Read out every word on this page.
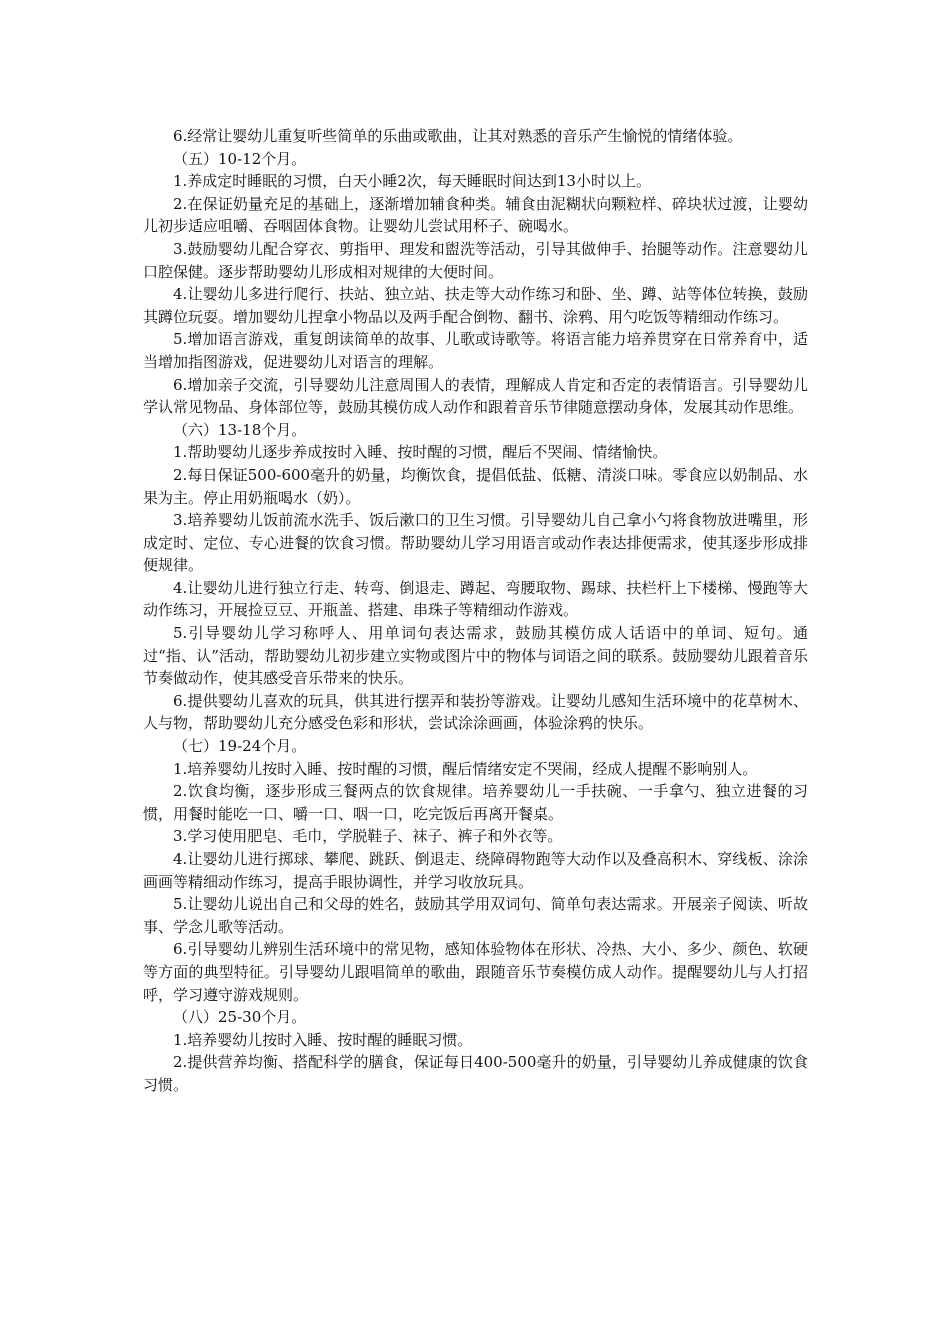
6.经常让婴幼儿重复听些简单的乐曲或歌曲，让其对熟悉的音乐产生愉悦的情绪体验。

（五）10-12个月。

1.养成定时睡眠的习惯，白天小睡2次，每天睡眠时间达到13小时以上。

2.在保证奶量充足的基础上，逐渐增加辅食种类。辅食由泥糊状向颗粒样、碎块状过渡，让婴幼儿初步适应咀嚼、吞咽固体食物。让婴幼儿尝试用杯子、碗喝水。

3.鼓励婴幼儿配合穿衣、剪指甲、理发和盥洗等活动，引导其做伸手、抬腿等动作。注意婴幼儿口腔保健。逐步帮助婴幼儿形成相对规律的大便时间。

4.让婴幼儿多进行爬行、扶站、独立站、扶走等大动作练习和卧、坐、蹲、站等体位转换，鼓励其蹲位玩耍。增加婴幼儿捏拿小物品以及两手配合倒物、翻书、涂鸦、用勺吃饭等精细动作练习。

5.增加语言游戏，重复朗读简单的故事、儿歌或诗歌等。将语言能力培养贯穿在日常养育中，适当增加指图游戏，促进婴幼儿对语言的理解。

6.增加亲子交流，引导婴幼儿注意周围人的表情，理解成人肯定和否定的表情语言。引导婴幼儿学认常见物品、身体部位等，鼓励其模仿成人动作和跟着音乐节律随意摆动身体，发展其动作思维。

（六）13-18个月。

1.帮助婴幼儿逐步养成按时入睡、按时醒的习惯，醒后不哭闹、情绪愉快。

2.每日保证500-600毫升的奶量，均衡饮食，提倡低盐、低糖、清淡口味。零食应以奶制品、水果为主。停止用奶瓶喝水（奶）。

3.培养婴幼儿饭前流水洗手、饭后漱口的卫生习惯。引导婴幼儿自己拿小勺将食物放进嘴里，形成定时、定位、专心进餐的饮食习惯。帮助婴幼儿学习用语言或动作表达排便需求，使其逐步形成排便规律。

4.让婴幼儿进行独立行走、转弯、倒退走、蹲起、弯腰取物、踢球、扶栏杆上下楼梯、慢跑等大动作练习，开展捡豆豆、开瓶盖、搭建、串珠子等精细动作游戏。

5.引导婴幼儿学习称呼人、用单词句表达需求，鼓励其模仿成人话语中的单词、短句。通过“指、认”活动，帮助婴幼儿初步建立实物或图片中的物体与词语之间的联系。鼓励婴幼儿跟着音乐节奏做动作，使其感受音乐带来的快乐。

6.提供婴幼儿喜欢的玩具，供其进行摆弄和装扮等游戏。让婴幼儿感知生活环境中的花草树木、人与物，帮助婴幼儿充分感受色彩和形状，尝试涂涂画画，体验涂鸦的快乐。

（七）19-24个月。

1.培养婴幼儿按时入睡、按时醒的习惯，醒后情绪安定不哭闹，经成人提醒不影响别人。

2.饮食均衡，逐步形成三餐两点的饮食规律。培养婴幼儿一手扶碗、一手拿勺、独立进餐的习惯，用餐时能吃一口、嚼一口、咽一口，吃完饭后再离开餐桌。

3.学习使用肥皂、毛巾，学脱鞋子、袜子、裤子和外衣等。

4.让婴幼儿进行掷球、攀爬、跳跃、倒退走、绕障碍物跑等大动作以及叠高积木、穿线板、涂涂画画等精细动作练习，提高手眼协调性，并学习收放玩具。

5.让婴幼儿说出自己和父母的姓名，鼓励其学用双词句、简单句表达需求。开展亲子阅读、听故事、学念儿歌等活动。

6.引导婴幼儿辨别生活环境中的常见物，感知体验物体在形状、冷热、大小、多少、颜色、软硬等方面的典型特征。引导婴幼儿跟唱简单的歌曲，跟随音乐节奏模仿成人动作。提醒婴幼儿与人打招呼，学习遵守游戏规则。

（八）25-30个月。

1.培养婴幼儿按时入睡、按时醒的睡眠习惯。

2.提供营养均衡、搭配科学的膳食，保证每日400-500毫升的奶量，引导婴幼儿养成健康的饮食习惯。
